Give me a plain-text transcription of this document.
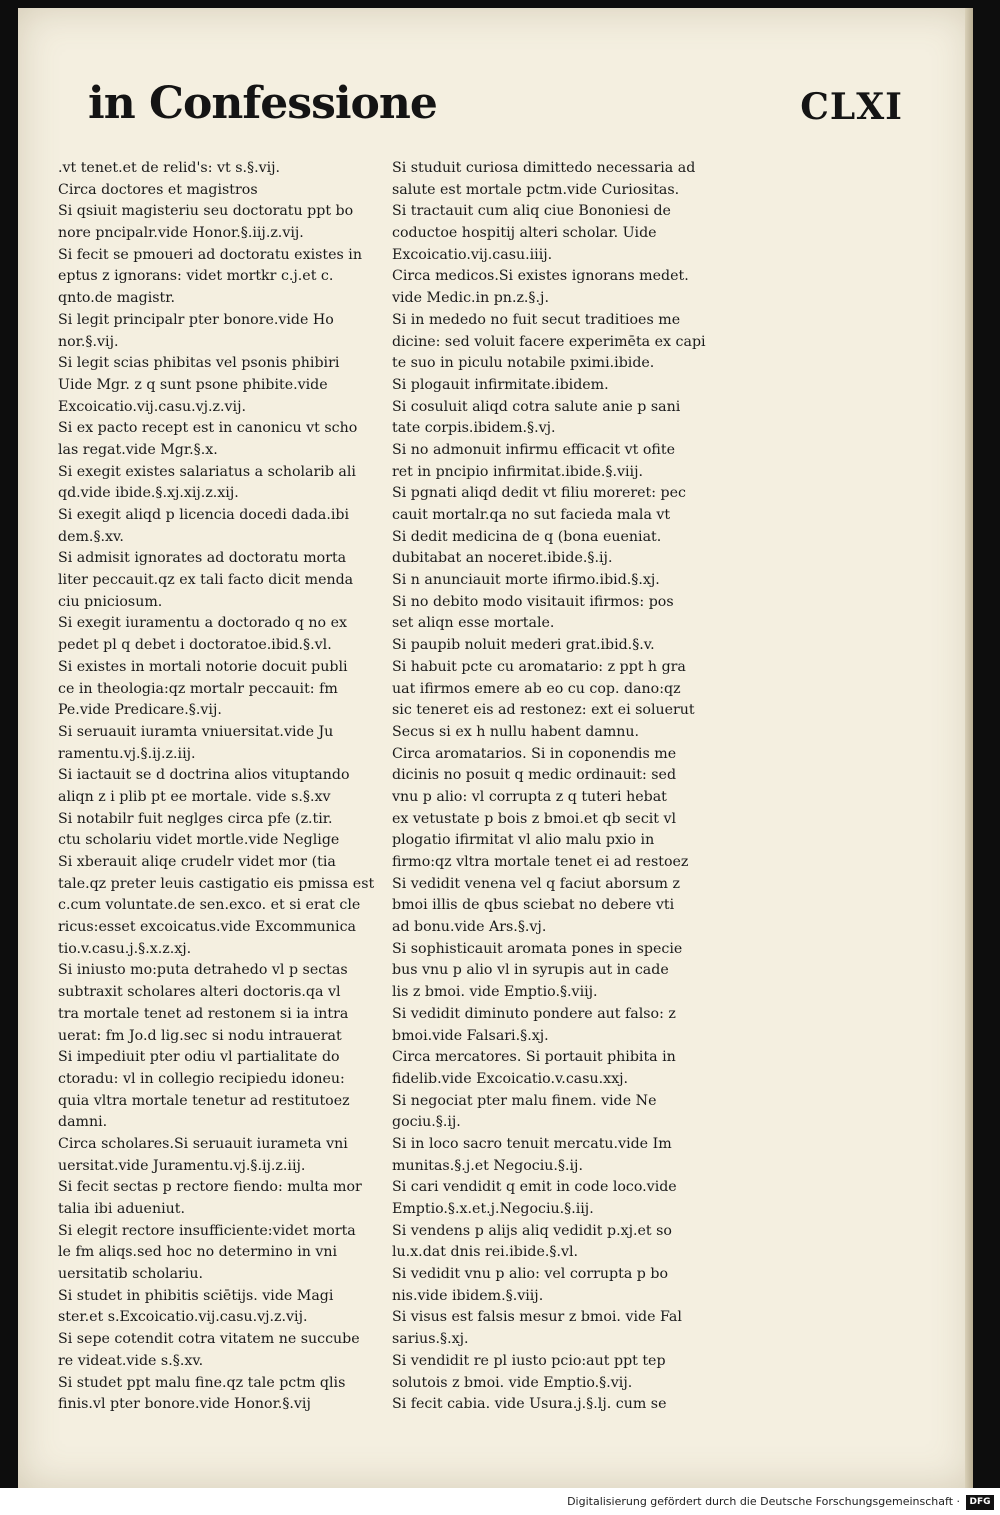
in Confessione	CLXI
.vt tenet.et de relid's: vt s.§.vij.
Circa doctores et magistros
Si qsiuit magisteriu seu doctoratu ppt bo
nore pncipalr.vide Honor.§.iij.z.vij.
Si fecit se pmoueri ad doctoratu existes in
eptus z ignorans: videt mortkr c.j.et c.
qnto.de magistr.
Si legit principalr pter bonore.vide Ho
nor.§.vij.
Si legit scias phibitas vel psonis phibiri
Uide Mgr. z q sunt psone phibite.vide
Excoicatio.vij.casu.vj.z.vij.
Si ex pacto recept est in canonicu vt scho
las regat.vide Mgr.§.x.
Si exegit existes salariatus a scholarib ali
qd.vide ibide.§.xj.xij.z.xij.
Si exegit aliqd p licencia docedi dada.ibi
dem.§.xv.
Si admisit ignorates ad doctoratu morta
liter peccauit.qz ex tali facto dicit menda
ciu pniciosum.
Si exegit iuramentu a doctorado q no ex
pedet pl q debet i doctoratoe.ibid.§.vl.
Si existes in mortali notorie docuit publi
ce in theologia:qz mortalr peccauit: fm
Pe.vide Predicare.§.vij.
Si seruauit iuramta vniuersitat.vide Ju
ramentu.vj.§.ij.z.iij.
Si iactauit se d doctrina alios vituptando
aliqn z i plib pt ee mortale. vide s.§.xv
Si notabilr fuit neglges circa pfe (z.tir.
ctu scholariu videt mortle.vide Neglige
Si xberauit aliqe crudelr videt mor (tia
tale.qz preter leuis castigatio eis pmissa est
c.cum voluntate.de sen.exco. et si erat cle
ricus:esset excoicatus.vide Excommunica
tio.v.casu.j.§.x.z.xj.
Si iniusto mo:puta detrahedo vl p sectas
subtraxit scholares alteri doctoris.qa vl
tra mortale tenet ad restonem si ia intra
uerat: fm Jo.d lig.sec si nodu intrauerat
Si impediuit pter odiu vl partialitate do
ctoradu: vl in collegio recipiedu idoneu:
quia vltra mortale tenetur ad restitutoez
damni.
Circa scholares.Si seruauit iurameta vni
uersitat.vide Juramentu.vj.§.ij.z.iij.
Si fecit sectas p rectore fiendo: multa mor
talia ibi adueniut.
Si elegit rectore insufficiente:videt morta
le fm aliqs.sed hoc no determino in vni
uersitatib scholariu.
Si studet in phibitis sciētijs. vide Magi
ster.et s.Excoicatio.vij.casu.vj.z.vij.
Si sepe cotendit cotra vitatem ne succube
re videat.vide s.§.xv.
Si studet ppt malu fine.qz tale pctm qlis
finis.vl pter bonore.vide Honor.§.vij
Si studuit curiosa dimittedo necessaria ad
salute est mortale pctm.vide Curiositas.
Si tractauit cum aliq ciue Bononiesi de
coductoe hospitij alteri scholar. Uide
Excoicatio.vij.casu.iiij.
Circa medicos.Si existes ignorans medet.
vide Medic.in pn.z.§.j.
Si in mededo no fuit secut traditioes me
dicine: sed voluit facere experimēta ex capi
te suo in piculu notabile pximi.ibide.
Si plogauit infirmitate.ibidem.
Si cosuluit aliqd cotra salute anie p sani
tate corpis.ibidem.§.vj.
Si no admonuit infirmu efficacit vt ofite
ret in pncipio infirmitat.ibide.§.viij.
Si pgnati aliqd dedit vt filiu moreret: pec
cauit mortalr.qa no sut facieda mala vt
Si dedit medicina de q (bona eueniat.
dubitabat an noceret.ibide.§.ij.
Si n anunciauit morte ifirmo.ibid.§.xj.
Si no debito modo visitauit ifirmos: pos
set aliqn esse mortale.
Si paupib noluit mederi grat.ibid.§.v.
Si habuit pcte cu aromatario: z ppt h gra
uat ifirmos emere ab eo cu cop. dano:qz
sic teneret eis ad restonez: ext ei soluerut
Secus si ex h nullu habent damnu.
Circa aromatarios. Si in coponendis me
dicinis no posuit q medic ordinauit: sed
vnu p alio: vl corrupta z q tuteri hebat
ex vetustate p bois z bmoi.et qb secit vl
plogatio ifirmitat vl alio malu pxio in
firmo:qz vltra mortale tenet ei ad restoez
Si vedidit venena vel q faciut aborsum z
bmoi illis de qbus sciebat no debere vti
ad bonu.vide Ars.§.vj.
Si sophisticauit aromata pones in specie
bus vnu p alio vl in syrupis aut in cade
lis z bmoi. vide Emptio.§.viij.
Si vedidit diminuto pondere aut falso: z
bmoi.vide Falsari.§.xj.
Circa mercatores. Si portauit phibita in
fidelib.vide Excoicatio.v.casu.xxj.
Si negociat pter malu finem. vide Ne
gociu.§.ij.
Si in loco sacro tenuit mercatu.vide Im
munitas.§.j.et Negociu.§.ij.
Si cari vendidit q emit in code loco.vide
Emptio.§.x.et.j.Negociu.§.iij.
Si vendens p alijs aliq vedidit p.xj.et so
lu.x.dat dnis rei.ibide.§.vl.
Si vedidit vnu p alio: vel corrupta p bo
nis.vide ibidem.§.viij.
Si visus est falsis mesur z bmoi. vide Fal
sarius.§.xj.
Si vendidit re pl iusto pcio:aut ppt tep
solutois z bmoi. vide Emptio.§.vij.
Si fecit cabia. vide Usura.j.§.lj. cum se
Digitalisierung gefördert durch die Deutsche Forschungsgemeinschaft ·	DFG
